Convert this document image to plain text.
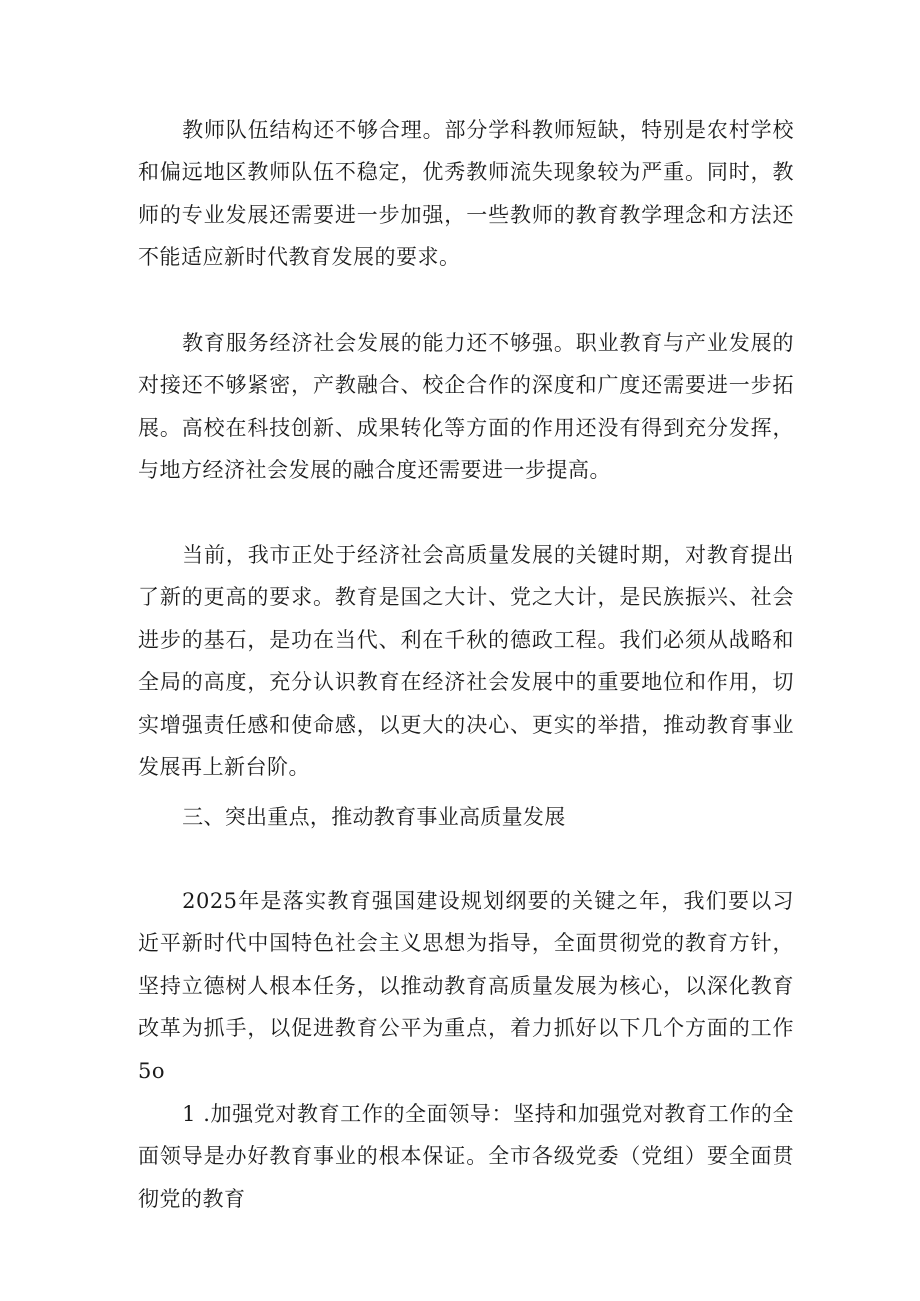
教师队伍结构还不够合理。部分学科教师短缺，特别是农村学校和偏远地区教师队伍不稳定，优秀教师流失现象较为严重。同时，教师的专业发展还需要进一步加强，一些教师的教育教学理念和方法还不能适应新时代教育发展的要求。

教育服务经济社会发展的能力还不够强。职业教育与产业发展的对接还不够紧密，产教融合、校企合作的深度和广度还需要进一步拓展。高校在科技创新、成果转化等方面的作用还没有得到充分发挥，与地方经济社会发展的融合度还需要进一步提高。

当前，我市正处于经济社会高质量发展的关键时期，对教育提出了新的更高的要求。教育是国之大计、党之大计，是民族振兴、社会进步的基石，是功在当代、利在千秋的德政工程。我们必须从战略和全局的高度，充分认识教育在经济社会发展中的重要地位和作用，切实增强责任感和使命感，以更大的决心、更实的举措，推动教育事业发展再上新台阶。

三、突出重点，推动教育事业高质量发展

2025年是落实教育强国建设规划纲要的关键之年，我们要以习近平新时代中国特色社会主义思想为指导，全面贯彻党的教育方针，坚持立德树人根本任务，以推动教育高质量发展为核心，以深化教育改革为抓手，以促进教育公平为重点，着力抓好以下几个方面的工作5o

1 .加强党对教育工作的全面领导：坚持和加强党对教育工作的全面领导是办好教育事业的根本保证。全市各级党委（党组）要全面贯彻党的教育
